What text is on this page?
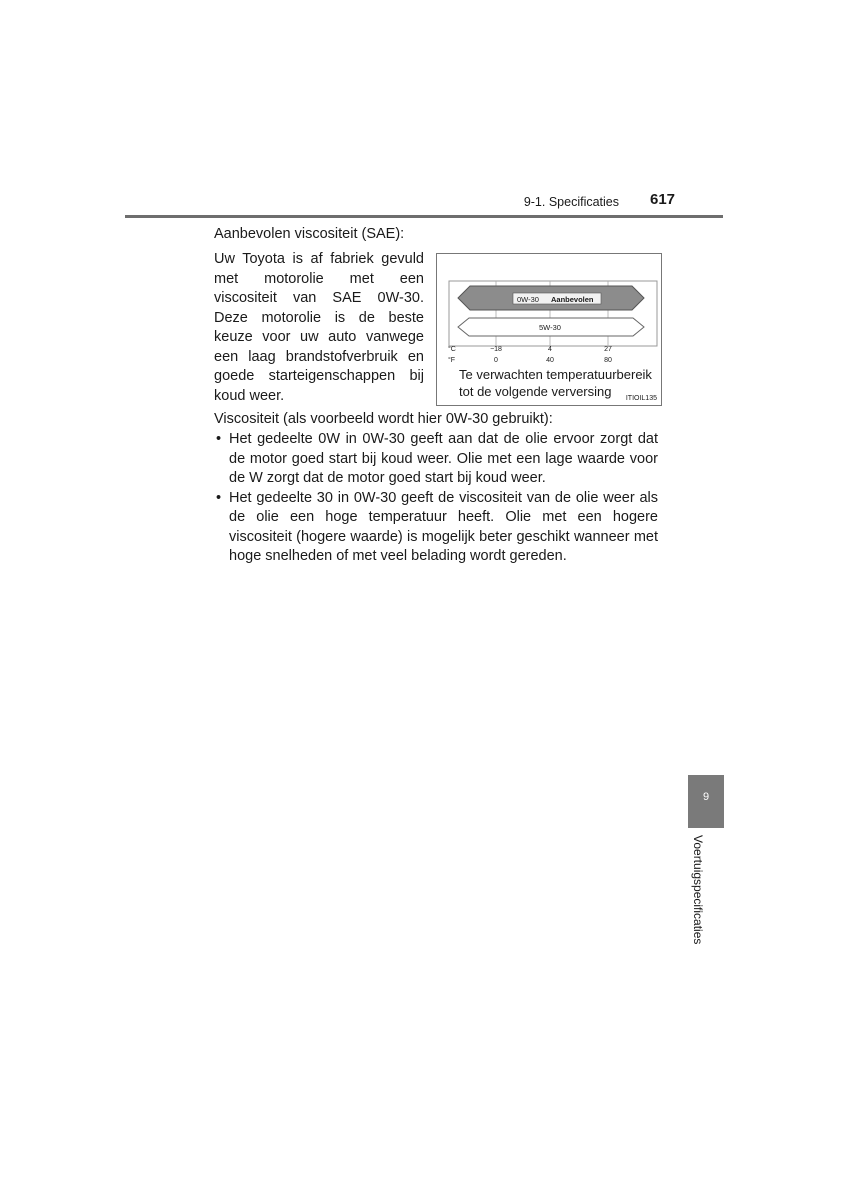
9-1. Specificaties 617
Aanbevolen viscositeit (SAE):
Uw Toyota is af fabriek gevuld met motorolie met een viscositeit van SAE 0W-30. Deze motorolie is de beste keuze voor uw auto vanwege een laag brandstofverbruik en goede starteigenschappen bij koud weer.
0W-30 Aanbevolen
5W-30
°C
°F
−18	4	27
0	40	80
Te verwachten temperatuurbereik tot de volgende verversing	ITIOIL135
Viscositeit (als voorbeeld wordt hier 0W-30 gebruikt):
• Het gedeelte 0W in 0W-30 geeft aan dat de olie ervoor zorgt dat de motor goed start bij koud weer. Olie met een lage waarde voor de W zorgt dat de motor goed start bij koud weer.
• Het gedeelte 30 in 0W-30 geeft de viscositeit van de olie weer als de olie een hoge temperatuur heeft. Olie met een hogere viscositeit (hogere waarde) is mogelijk beter geschikt wanneer met hoge snelheden of met veel belading wordt gereden.
9
Voertuigspecificaties
